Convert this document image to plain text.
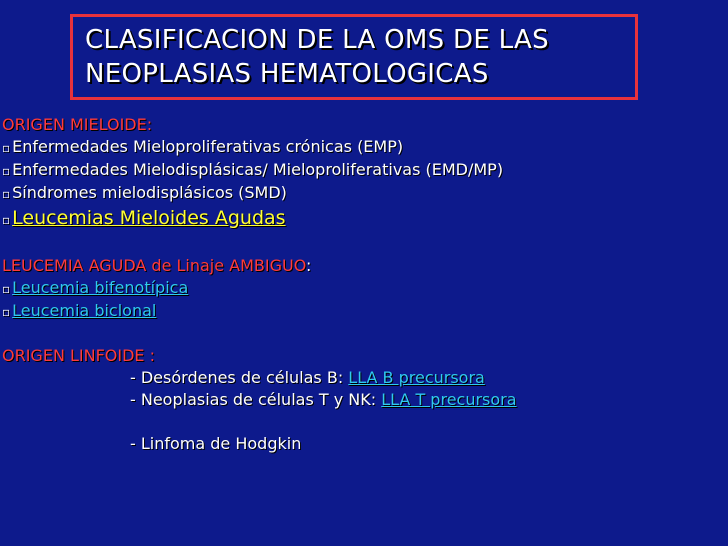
CLASIFICACION DE LA OMS DE LAS
NEOPLASIAS HEMATOLOGICAS
ORIGEN MIELOIDE:
▫ Enfermedades Mieloproliferativas crónicas (EMP)
▫ Enfermedades Mielodisplásicas/ Mieloproliferativas (EMD/MP)
▫ Síndromes mielodisplásicos (SMD)
▫ Leucemias Mieloides Agudas
LEUCEMIA AGUDA de Linaje AMBIGUO:
▫ Leucemia bifenotípica
▫ Leucemia biclonal
ORIGEN LINFOIDE :
- Desórdenes de células B: LLA B precursora
- Neoplasias de células T y NK: LLA T precursora
- Linfoma de Hodgkin
